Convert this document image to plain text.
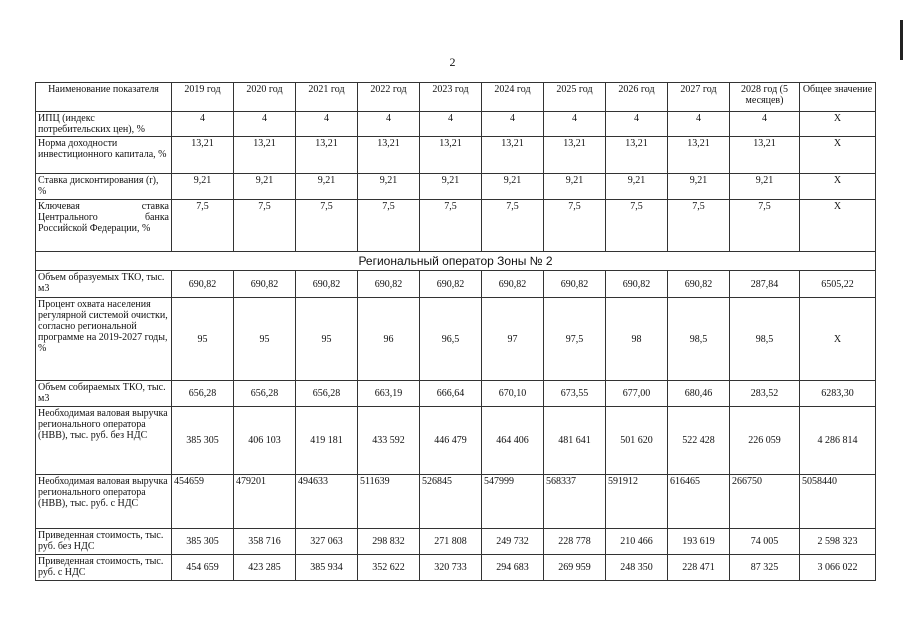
2
Наименование показателя	2019 год	2020 год	2021 год	2022 год	2023 год	2024 год	2025 год	2026 год	2027 год	2028 год (5 месяцев)	Общее значение
ИПЦ (индекс потребительских цен), %	4	4	4	4	4	4	4	4	4	4	Х
Норма доходности инвестиционного капитала, %	13,21	13,21	13,21	13,21	13,21	13,21	13,21	13,21	13,21	13,21	Х
Ставка дисконтирования (r), %	9,21	9,21	9,21	9,21	9,21	9,21	9,21	9,21	9,21	9,21	Х
Ключевая ставка Центрального банка Российской Федерации, %	7,5	7,5	7,5	7,5	7,5	7,5	7,5	7,5	7,5	7,5	Х
Региональный оператор Зоны № 2											
Объем образуемых ТКО, тыс. м3	690,82	690,82	690,82	690,82	690,82	690,82	690,82	690,82	690,82	287,84	6505,22
Процент охвата населения регулярной системой очистки, согласно региональной программе на 2019-2027 годы, %	95	95	95	96	96,5	97	97,5	98	98,5	98,5	Х
Объем собираемых ТКО, тыс. м3	656,28	656,28	656,28	663,19	666,64	670,10	673,55	677,00	680,46	283,52	6283,30
Необходимая валовая выручка регионального оператора (НВВ), тыс. руб. без НДС	385 305	406 103	419 181	433 592	446 479	464 406	481 641	501 620	522 428	226 059	4 286 814
Необходимая валовая выручка регионального оператора (НВВ), тыс. руб. с НДС	454659	479201	494633	511639	526845	547999	568337	591912	616465	266750	5058440
Приведенная стоимость, тыс. руб. без НДС	385 305	358 716	327 063	298 832	271 808	249 732	228 778	210 466	193 619	74 005	2 598 323
Приведенная стоимость, тыс. руб. с НДС	454 659	423 285	385 934	352 622	320 733	294 683	269 959	248 350	228 471	87 325	3 066 022
